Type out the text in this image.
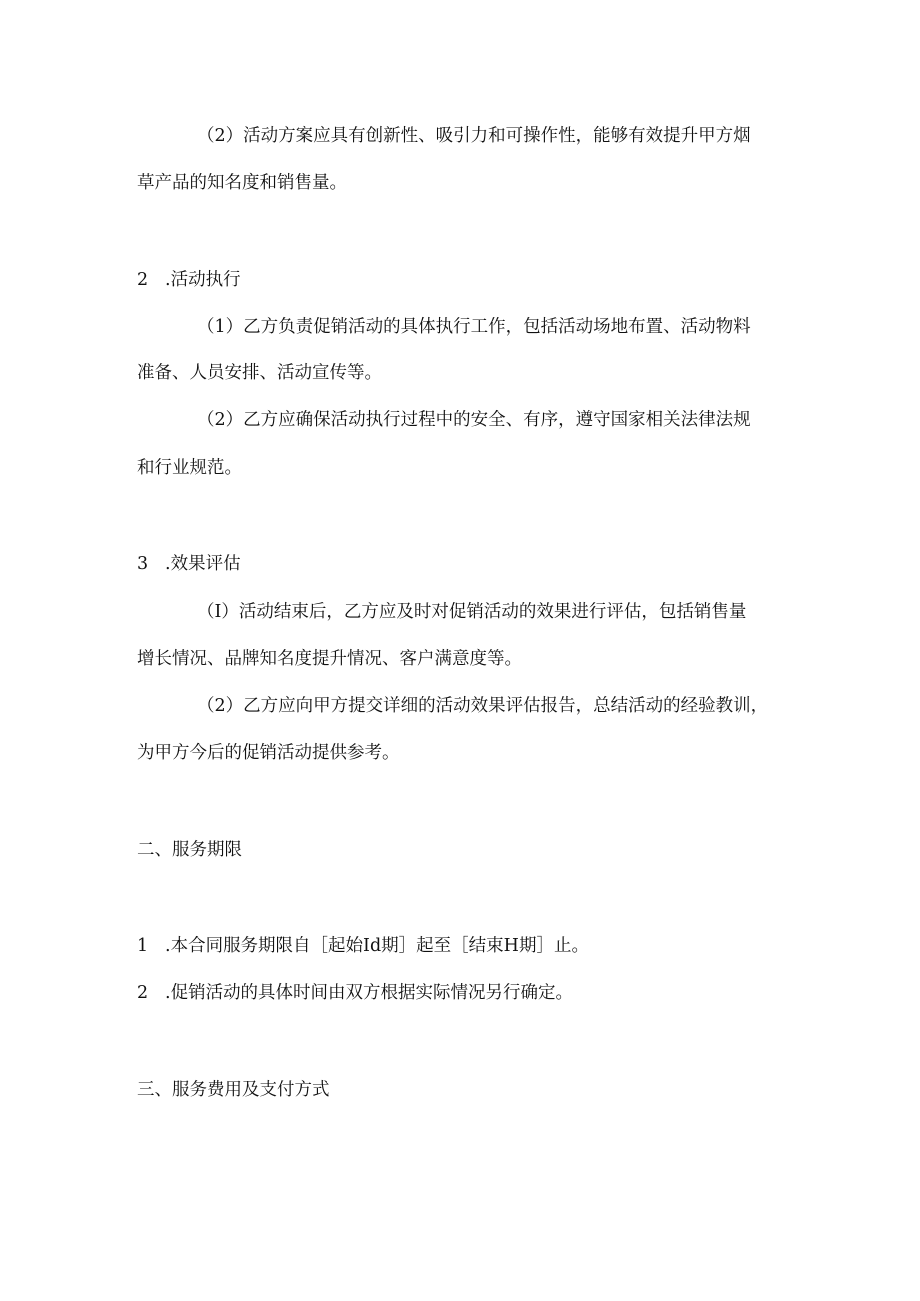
（2）活动方案应具有创新性、吸引力和可操作性，能够有效提升甲方烟

草产品的知名度和销售量。

2 .活动执行

（1）乙方负责促销活动的具体执行工作，包括活动场地布置、活动物料

准备、人员安排、活动宣传等。

（2）乙方应确保活动执行过程中的安全、有序，遵守国家相关法律法规

和行业规范。

3 .效果评估

（I）活动结束后，乙方应及时对促销活动的效果进行评估，包括销售量

增长情况、品牌知名度提升情况、客户满意度等。

（2）乙方应向甲方提交详细的活动效果评估报告，总结活动的经验教训，

为甲方今后的促销活动提供参考。

二、服务期限

1 .本合同服务期限自［起始Id期］起至［结束H期］止。

2 .促销活动的具体时间由双方根据实际情况另行确定。

三、服务费用及支付方式
